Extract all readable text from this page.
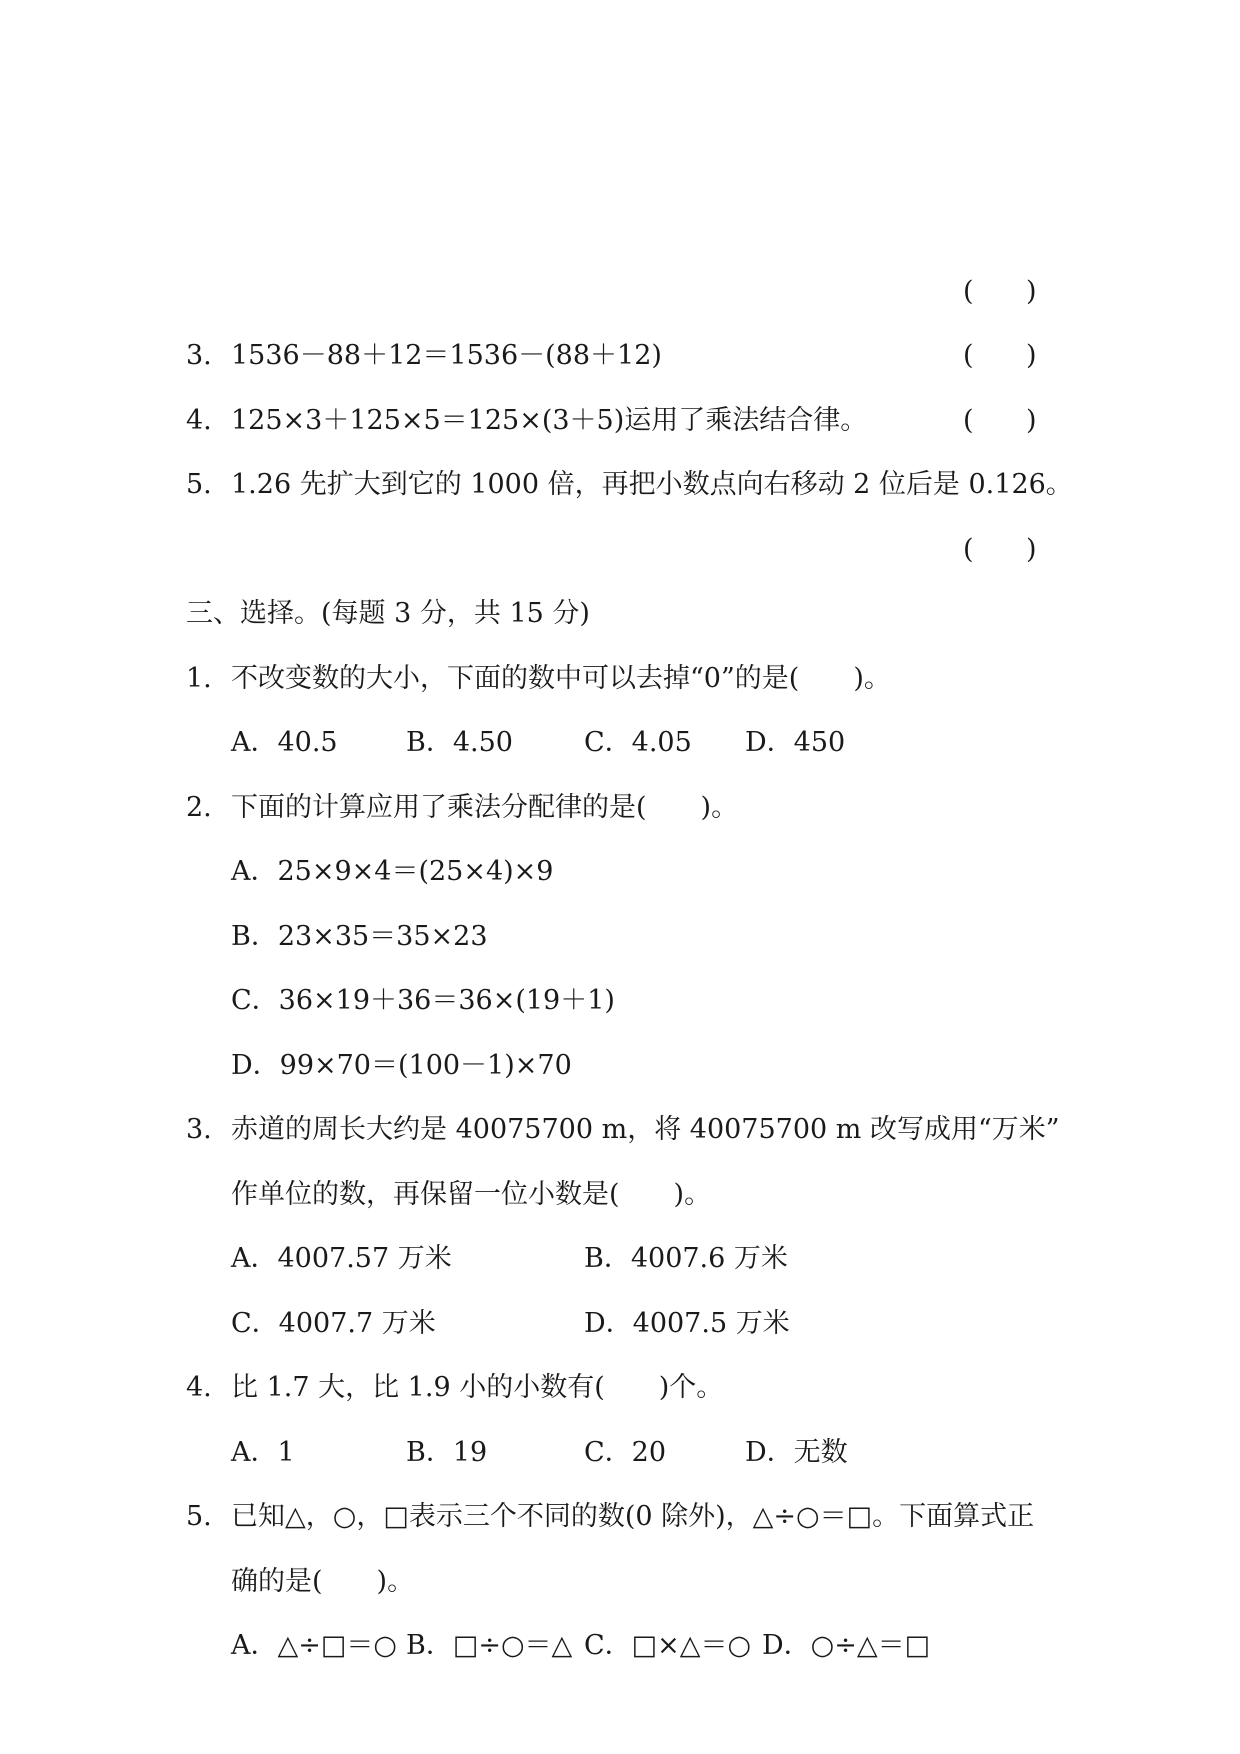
( )
3. 1536－88＋12＝1536－(88＋12)	( )
4. 125×3＋125×5＝125×(3＋5)运用了乘法结合律。	( )
5. 1.26 先扩大到它的 1000 倍，再把小数点向右移动 2 位后是 0.126。
( )
三、选择。(每题 3 分，共 15 分)
1. 不改变数的大小，下面的数中可以去掉“0”的是(　　)。
A．40.5	B．4.50	C．4.05 D．450
2. 下面的计算应用了乘法分配律的是(　　)。
A．25×9×4＝(25×4)×9
B．23×35＝35×23
C．36×19＋36＝36×(19＋1)
D．99×70＝(100－1)×70
3. 赤道的周长大约是 40075700 m，将 40075700 m 改写成用“万米”
作单位的数，再保留一位小数是(　　)。
A．4007.57 万米	B．4007.6 万米
C．4007.7 万米	D．4007.5 万米
4. 比 1.7 大，比 1.9 小的小数有(　　)个。
A．1	B．19	C．20	D．无数
5. 已知△，○，□表示三个不同的数(0 除外)，△÷○＝□。下面算式正
确的是(　　)。
A．△÷□＝○ B．□÷○＝△ C．□×△＝○ D．○÷△＝□
